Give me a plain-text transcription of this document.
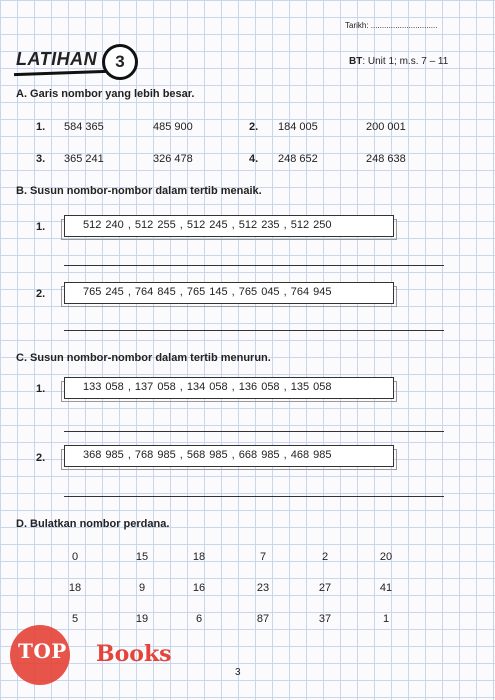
Tarikh: ..............................
LATIHAN	3	BT: Unit 1; m.s. 7 – 11
A. Garis nombor yang lebih besar.
1. 584 365	485 900	2. 184 005	200 001
3. 365 241	326 478	4. 248 652	248 638
B. Susun nombor-nombor dalam tertib menaik.
1.	512 240 , 512 255 , 512 245 , 512 235 , 512 250
2.	765 245 , 764 845 , 765 145 , 765 045 , 764 945
C. Susun nombor-nombor dalam tertib menurun.
1.	133 058 , 137 058 , 134 058 , 136 058 , 135 058
2.	368 985 , 768 985 , 568 985 , 668 985 , 468 985
D. Bulatkan nombor perdana.
0	15	18	7	2	20
18	9	16	23	27	41
5	19	6	87	37	1
TOP Books
3
